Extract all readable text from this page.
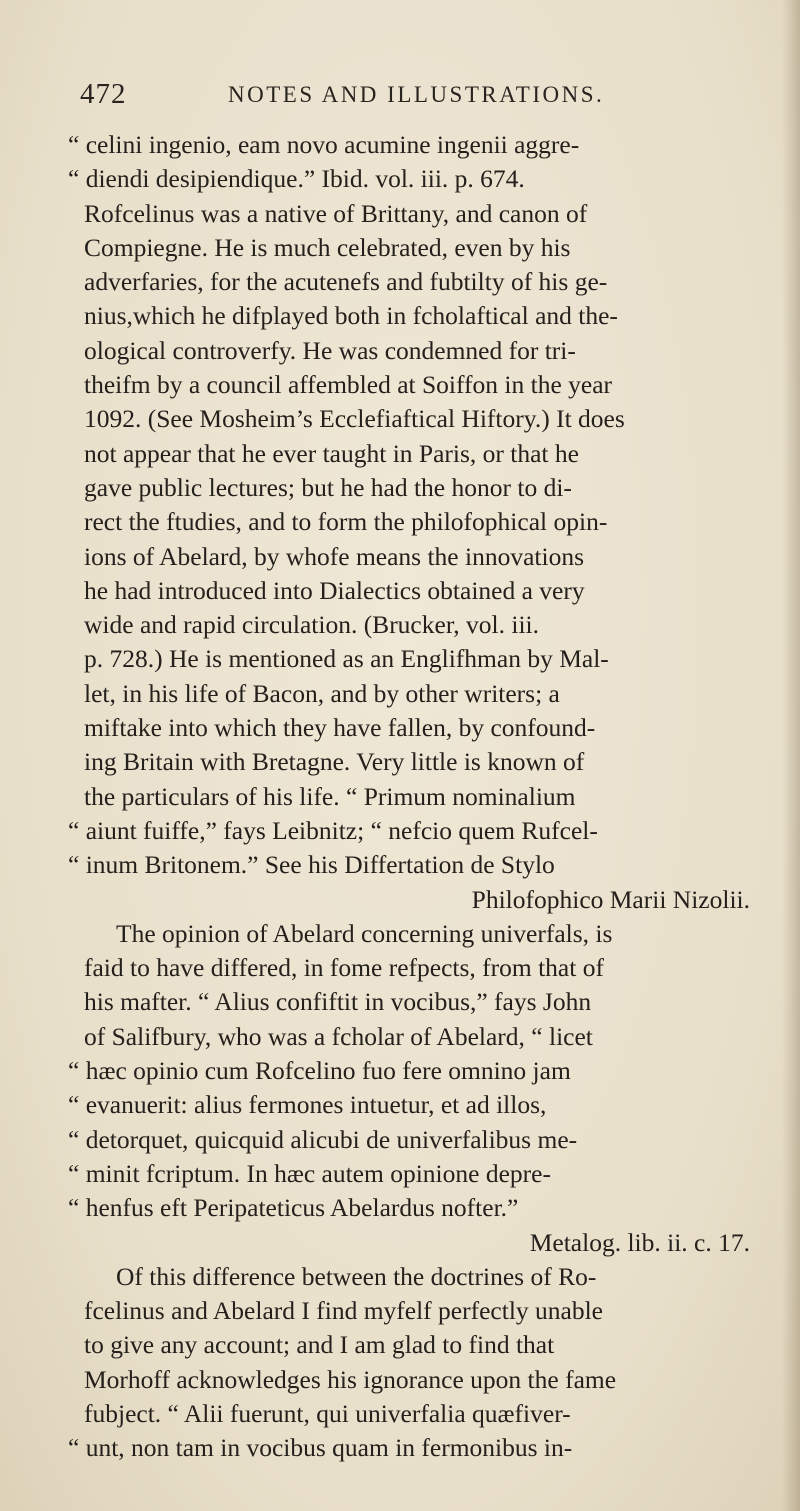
472	NOTES AND ILLUSTRATIONS.
“ celini ingenio, eam novo acumine ingenii aggre-
“ diendi desipiendique.” Ibid. vol. iii. p. 674.
Rofcelinus was a native of Brittany, and canon of
Compiegne. He is much celebrated, even by his
adverfaries, for the acutenefs and fubtilty of his ge-
nius,which he difplayed both in fcholaftical and the-
ological controverfy. He was condemned for tri-
theifm by a council affembled at Soiffon in the year
1092. (See Mosheim’s Ecclefiaftical Hiftory.) It does
not appear that he ever taught in Paris, or that he
gave public lectures; but he had the honor to di-
rect the ftudies, and to form the philofophical opin-
ions of Abelard, by whofe means the innovations
he had introduced into Dialectics obtained a very
wide and rapid circulation. (Brucker, vol. iii.
p. 728.) He is mentioned as an Englifhman by Mal-
let, in his life of Bacon, and by other writers; a
miftake into which they have fallen, by confound-
ing Britain with Bretagne. Very little is known of
the particulars of his life. “ Primum nominalium
“ aiunt fuiffe,” fays Leibnitz; “ nefcio quem Rufcel-
“ inum Britonem.” See his Differtation de Stylo
Philofophico Marii Nizolii.
The opinion of Abelard concerning univerfals, is
faid to have differed, in fome refpects, from that of
his mafter. “ Alius confiftit in vocibus,” fays John
of Salifbury, who was a fcholar of Abelard, “ licet
“ hæc opinio cum Rofcelino fuo fere omnino jam
“ evanuerit: alius fermones intuetur, et ad illos,
“ detorquet, quicquid alicubi de univerfalibus me-
“ minit fcriptum. In hæc autem opinione depre-
“ henfus eft Peripateticus Abelardus nofter.”
Metalog. lib. ii. c. 17.
Of this difference between the doctrines of Ro-
fcelinus and Abelard I find myfelf perfectly unable
to give any account; and I am glad to find that
Morhoff acknowledges his ignorance upon the fame
fubject. “ Alii fuerunt, qui univerfalia quæfiver-
“ unt, non tam in vocibus quam in fermonibus in-
